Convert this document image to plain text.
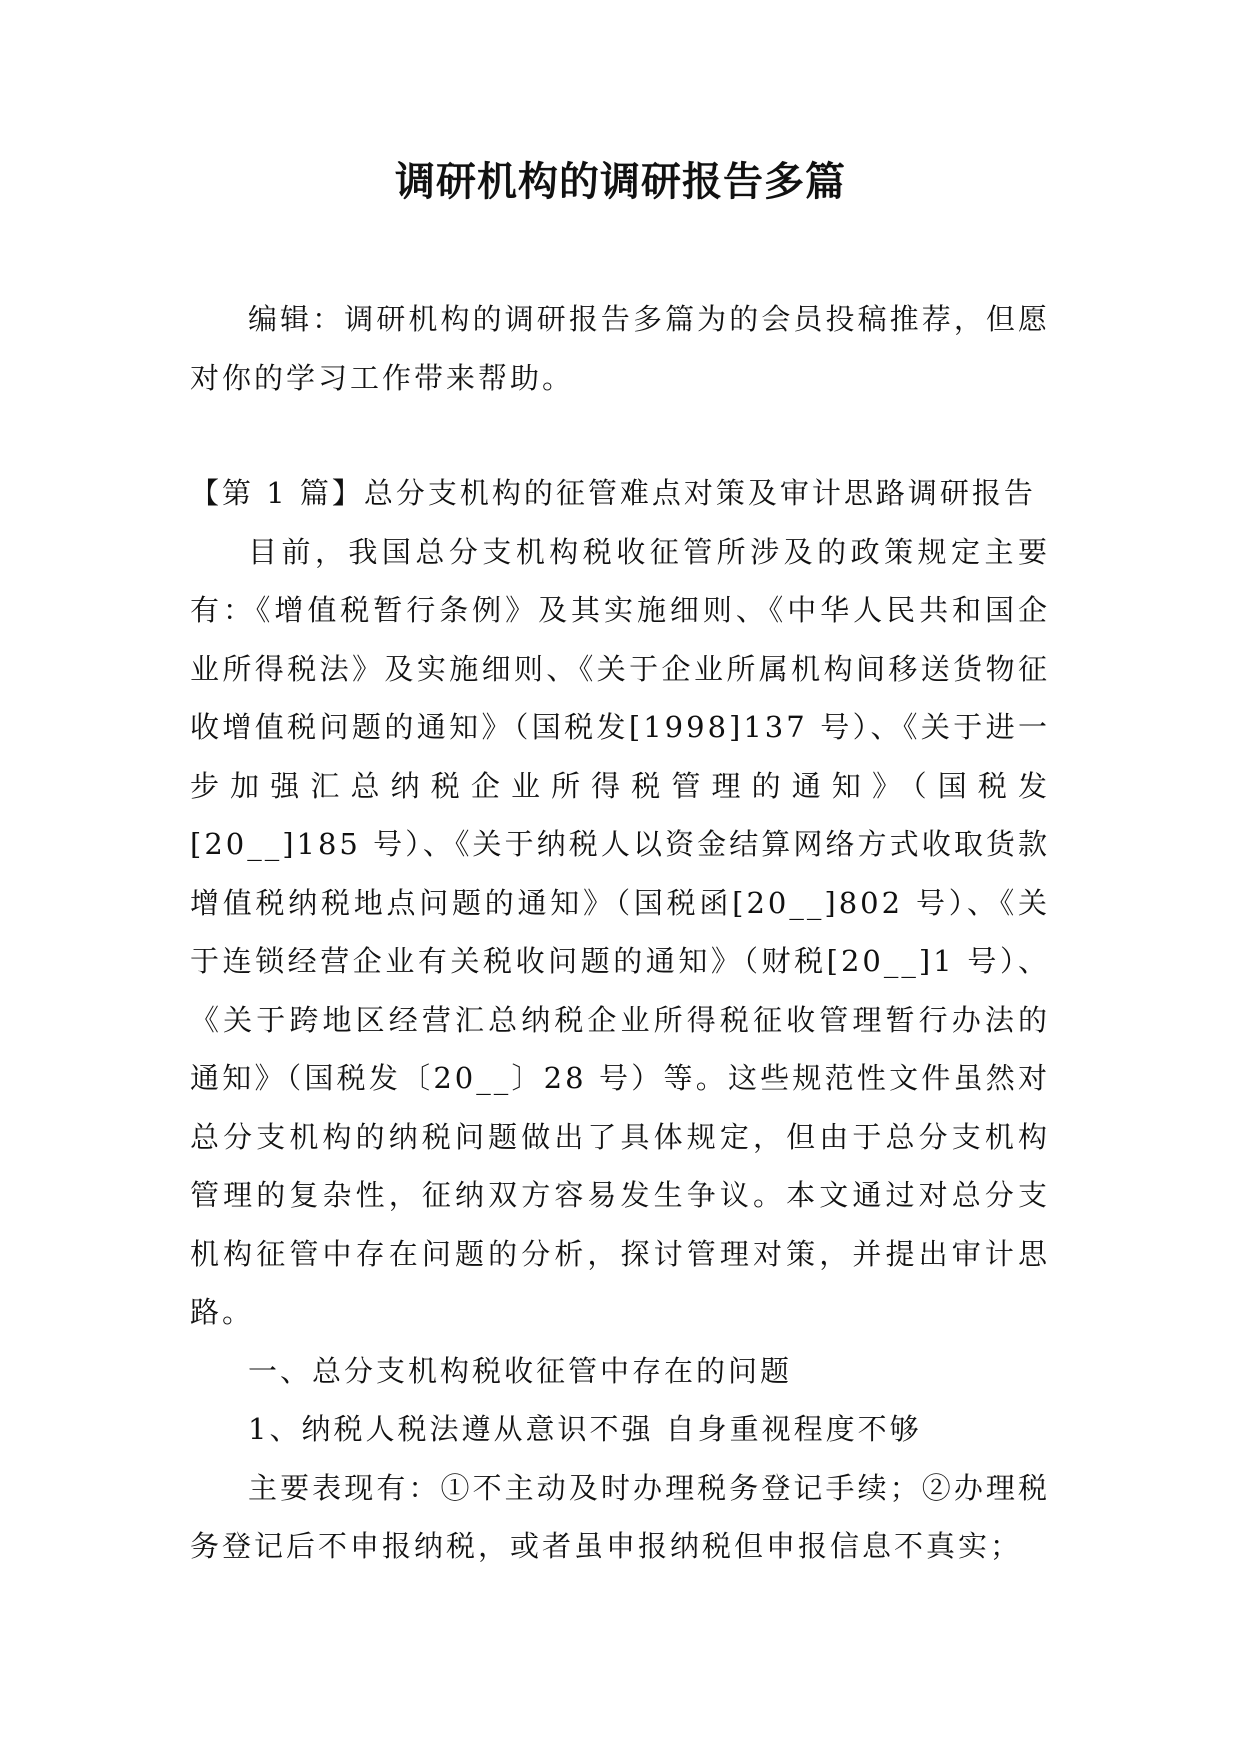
调研机构的调研报告多篇

编辑：调研机构的调研报告多篇为的会员投稿推荐，但愿对你的学习工作带来帮助。

【第 1 篇】总分支机构的征管难点对策及审计思路调研报告

目前，我国总分支机构税收征管所涉及的政策规定主要有：《增值税暂行条例》及其实施细则、《中华人民共和国企业所得税法》及实施细则、《关于企业所属机构间移送货物征收增值税问题的通知》（国税发[1998]137 号）、《关于进一步加强汇总纳税企业所得税管理的通知》（国税发[20__]185 号）、《关于纳税人以资金结算网络方式收取货款增值税纳税地点问题的通知》（国税函[20__]802 号）、《关于连锁经营企业有关税收问题的通知》（财税[20__]1 号）、《关于跨地区经营汇总纳税企业所得税征收管理暂行办法的通知》（国税发〔20__〕28 号）等。这些规范性文件虽然对总分支机构的纳税问题做出了具体规定，但由于总分支机构管理的复杂性，征纳双方容易发生争议。本文通过对总分支机构征管中存在问题的分析，探讨管理对策，并提出审计思路。

一、总分支机构税收征管中存在的问题

1、纳税人税法遵从意识不强 自身重视程度不够

主要表现有：①不主动及时办理税务登记手续；②办理税务登记后不申报纳税，或者虽申报纳税但申报信息不真实；
